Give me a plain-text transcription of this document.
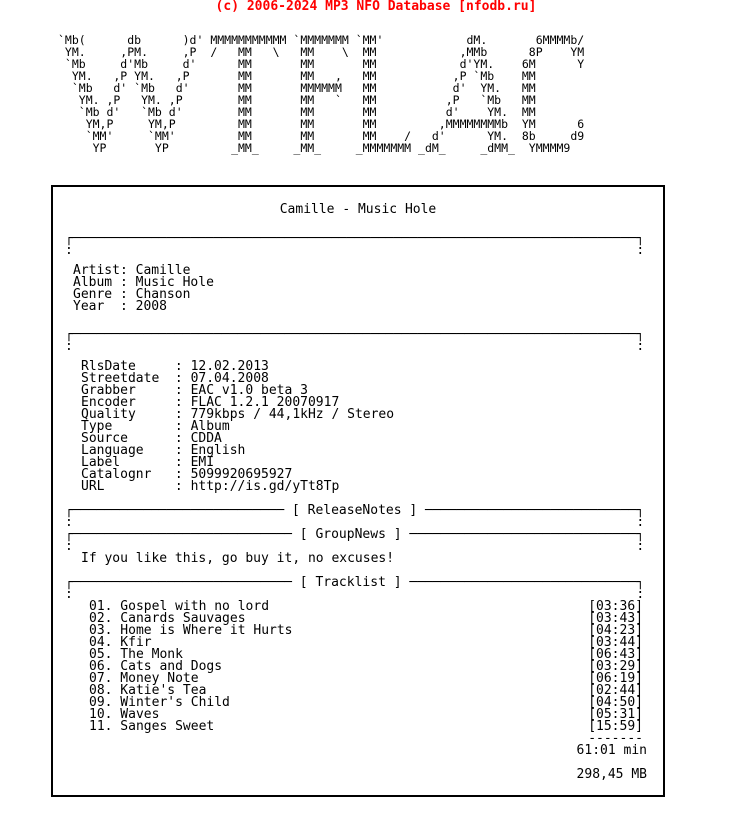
(c) 2006-2024 MP3 NFO Database [nfodb.ru]
`Mb(      db      )d' MMMMMMMMMMM `MMMMMMM `MM'            dM.       6MMMMb/
YM.     ,PM.     ,P  /   MM   \   MM    \  MM            ,MMb      8P    YM
`Mb     d'Mb     d'      MM       MM       MM            d'YM.    6M      Y
YM.   ,P YM.   ,P       MM       MM   ,   MM           ,P `Mb    MM
`Mb   d' `Mb   d'       MM       MMMMMM   MM           d'  YM.   MM
YM. ,P   YM. ,P        MM       MM   `   MM          ,P   `Mb   MM
`Mb d'   `Mb d'        MM       MM       MM          d'    YM.  MM
YM,P     YM,P         MM       MM       MM         ,MMMMMMMMb  YM      6
`MM'     `MM'         MM       MM       MM    /   d'      YM.  8b     d9
YP       YP         _MM_     _MM_     _MMMMMMM _dM_     _dMM_  YMMMM9
Camille - Music Hole
┌────────────────────────────────────────────────────────────────────────┐
:                                                                        :
Artist: Camille
Album : Music Hole
Genre : Chanson
Year  : 2008
┌────────────────────────────────────────────────────────────────────────┐
:                                                                        :
RlsDate     : 12.02.2013
Streetdate  : 07.04.2008
Grabber     : EAC v1.0 beta 3
Encoder     : FLAC 1.2.1 20070917
Quality     : 779kbps / 44,1kHz / Stereo
Type        : Album
Source      : CDDA
Language    : English
Label       : EMI
Catalognr   : 5099920695927
URL         : http://is.gd/yTt8Tp
┌─────────────────────────── [ ReleaseNotes ] ───────────────────────────┐
:                                                                        :
┌──────────────────────────── [ GroupNews ] ─────────────────────────────┐
:                                                                        :
If you like this, go buy it, no excuses!
┌──────────────────────────── [ Tracklist ] ─────────────────────────────┐
:                                                                        :
01. Gospel with no lord	[03:36]
02. Canards Sauvages	[03:43]
03. Home is Where it Hurts	[04:23]
04. Kfir	[03:44]
05. The Monk	[06:43]
06. Cats and Dogs	[03:29]
07. Money Note	[06:19]
08. Katie's Tea	[02:44]
09. Winter's Child	[04:50]
10. Waves	[05:31]
11. Sanges Sweet	[15:59]
-------
61:01 min
298,45 MB
